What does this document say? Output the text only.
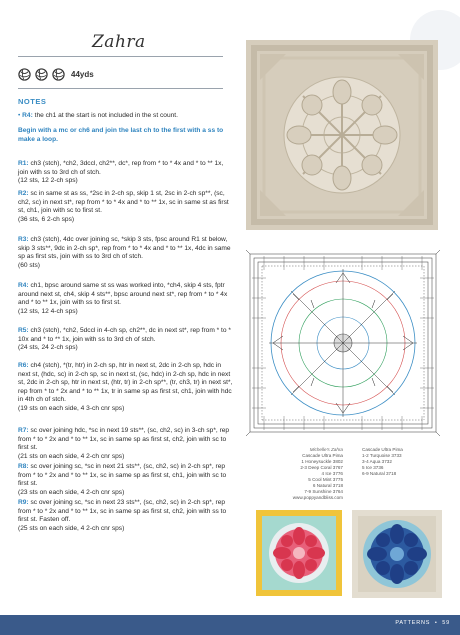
Zahra
44yds
NOTES
• R4: the ch1 at the start is not included in the st count.
Begin with a mc or ch6 and join the last ch to the first with a ss to make a loop.
R1: ch3 (stch), *ch2, 3dccl, ch2**, dc*, rep from * to * 4x and * to ** 1x, join with ss to 3rd ch of stch.
(12 sts, 12 2-ch sps)
R2: sc in same st as ss, *2sc in 2-ch sp, skip 1 st, 2sc in 2-ch sp**, (sc, ch2, sc) in next st*, rep from * to * 4x and * to ** 1x, sc in same st as first st, ch1, join with sc to first st.
(36 sts, 6 2-ch sps)
R3: ch3 (stch), 4dc over joining sc, *skip 3 sts, fpsc around R1 st below, skip 3 sts**, 9dc in 2-ch sp*, rep from * to * 4x and * to ** 1x, 4dc in same sp as first sts, join with ss to 3rd ch of stch.
(60 sts)
R4: ch1, bpsc around same st ss was worked into, *ch4, skip 4 sts, fptr around next st, ch4, skip 4 sts**, bpsc around next st*, rep from * to * 4x and * to ** 1x, join with ss to first st.
(12 sts, 12 4-ch sps)
R5: ch3 (stch), *ch2, 5dccl in 4-ch sp, ch2**, dc in next st*, rep from * to * 10x and * to ** 1x, join with ss to 3rd ch of stch.
(24 sts, 24 2-ch sps)
R6: ch4 (stch), *(tr, htr) in 2-ch sp, htr in next st, 2dc in 2-ch sp, hdc in next st, (hdc, sc) in 2-ch sp, sc in next st, (sc, hdc) in 2-ch sp, hdc in next st, 2dc in 2-ch sp, htr in next st, (htr, tr) in 2-ch sp**, (tr, ch3, tr) in next st*, rep from * to * 2x and * to ** 1x, tr in same sp as first st, ch1, join with hdc in 4th ch of stch.
(19 sts on each side, 4 3-ch cnr sps)
R7: sc over joining hdc, *sc in next 19 sts**, (sc, ch2, sc) in 3-ch sp*, rep from * to * 2x and * to ** 1x, sc in same sp as first st, ch2, join with sc to first st.
(21 sts on each side, 4 2-ch cnr sps)
R8: sc over joining sc, *sc in next 21 sts**, (sc, ch2, sc) in 2-ch sp*, rep from * to * 2x and * to ** 1x, sc in same sp as first st, ch1, join with sc to first st.
(23 sts on each side, 4 2-ch cnr sps)
R9: sc over joining sc, *sc in next 23 sts**, (sc, ch2, sc) in 2-ch sp*, rep from * to * 2x and * to ** 1x, sc in same sp as first st, ch2, join with ss to first st. Fasten off.
(25 sts on each side, 4 2-ch cnr sps)
Michelle's Zahra
Cascade Ultra Pima
1 Honeysuckle 3802
2-3 Deep Coral 3767
4 Ice 3776
5 Cool Mint 3775
6 Natural 3718
7-9 Sunshine 3764
www.poppyandbliss.com
Cascade Ultra Pima
1-2 Turquoise 3733
3-4 Aqua 3732
5 Ice 3736
6-9 Natural 3718
PATTERNS  •  59
